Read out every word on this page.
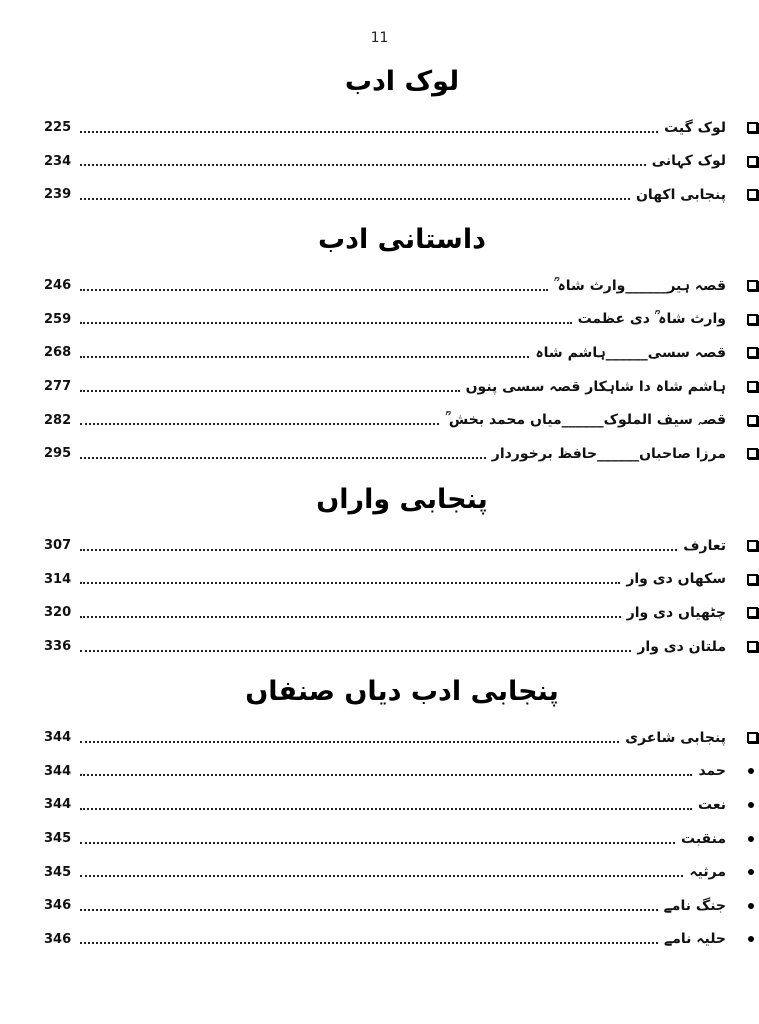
11
لوک ادب
لوک گیت
225
لوک کہانی
234
پنجابی اکھان
239
داستانی ادب
قصہ ہیر______وارث شاہ ؒ
246
وارث شاہ ؒ دی عظمت
259
قصہ سسی______ہاشم شاہ
268
ہاشم شاہ دا شاہکار قصہ سسی پنوں
277
قصہ سیف الملوک______میاں محمد بخش ؒ
282
مرزا صاحباں______حافظ برخوردار
295
پنجابی واراں
تعارف
307
سکھاں دی وار
314
چٹھیاں دی وار
320
ملتان دی وار
336
پنجابی ادب دیاں صنفاں
پنجابی شاعری
344
حمد
344
نعت
344
منقبت
345
مرثیہ
345
جنگ نامے
346
حلیہ نامے
346
